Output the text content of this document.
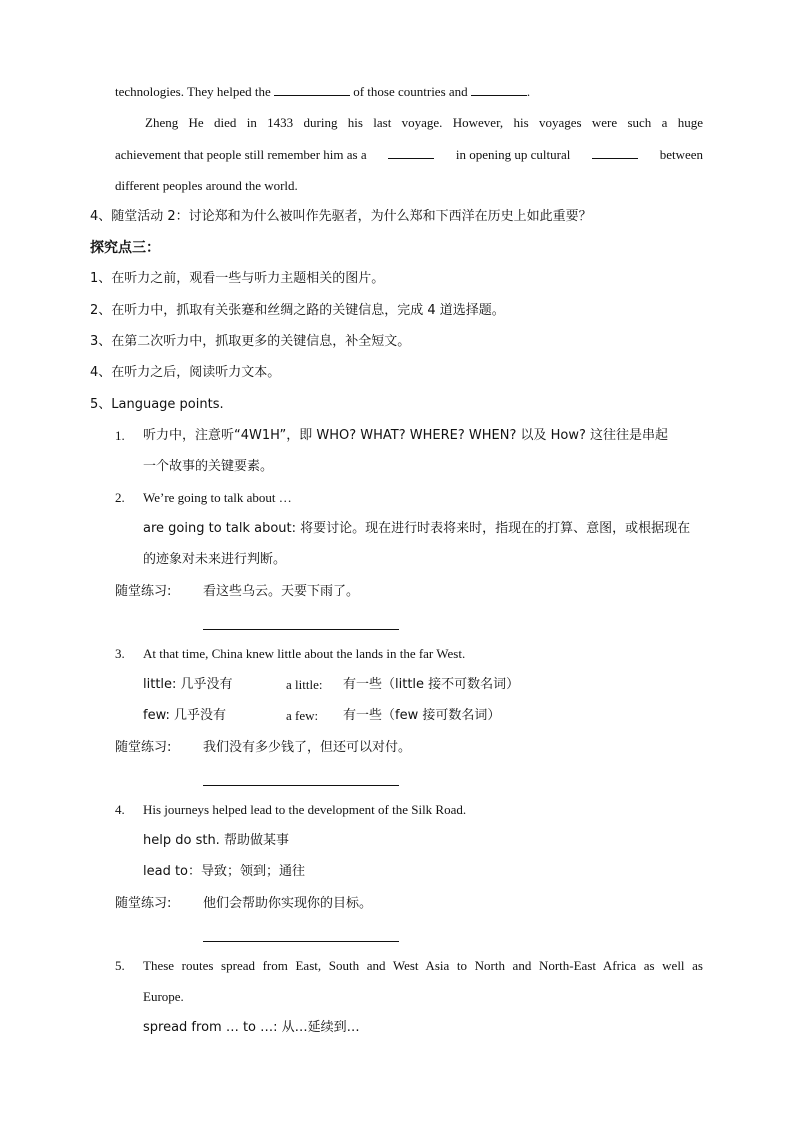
technologies. They helped the	of those countries and	.
Zheng He died in 1433 during his last voyage. However, his voyages were such a huge
achievement that people still remember him as a	in opening up cultural	between
different peoples around the world.
4、随堂活动 2：讨论郑和为什么被叫作先驱者，为什么郑和下西洋在历史上如此重要？
探究点三：
1、在听力之前，观看一些与听力主题相关的图片。
2、在听力中，抓取有关张蹇和丝绸之路的关键信息，完成 4 道选择题。
3、在第二次听力中，抓取更多的关键信息，补全短文。
4、在听力之后，阅读听力文本。
5、Language points.
1. 听力中，注意听“4W1H”，即 WHO? WHAT? WHERE? WHEN? 以及 How? 这往往是串起
一个故事的关键要素。
2. We’re going to talk about …
are going to talk about: 将要讨论。现在进行时表将来时，指现在的打算、意图，或根据现在
的迹象对未来进行判断。
随堂练习: 看这些乌云。天要下雨了。
3. At that time, China knew little about the lands in the far West.
little: 几乎没有	a little: 有一些（little 接不可数名词）
few: 几乎没有	a few: 有一些（few 接可数名词）
随堂练习: 我们没有多少钱了，但还可以对付。
4. His journeys helped lead to the development of the Silk Road.
help do sth. 帮助做某事
lead to：导致；领到；通往
随堂练习: 他们会帮助你实现你的目标。
5. These routes spread from East, South and West Asia to North and North-East Africa as well as
Europe.
spread from … to …: 从…延续到…
